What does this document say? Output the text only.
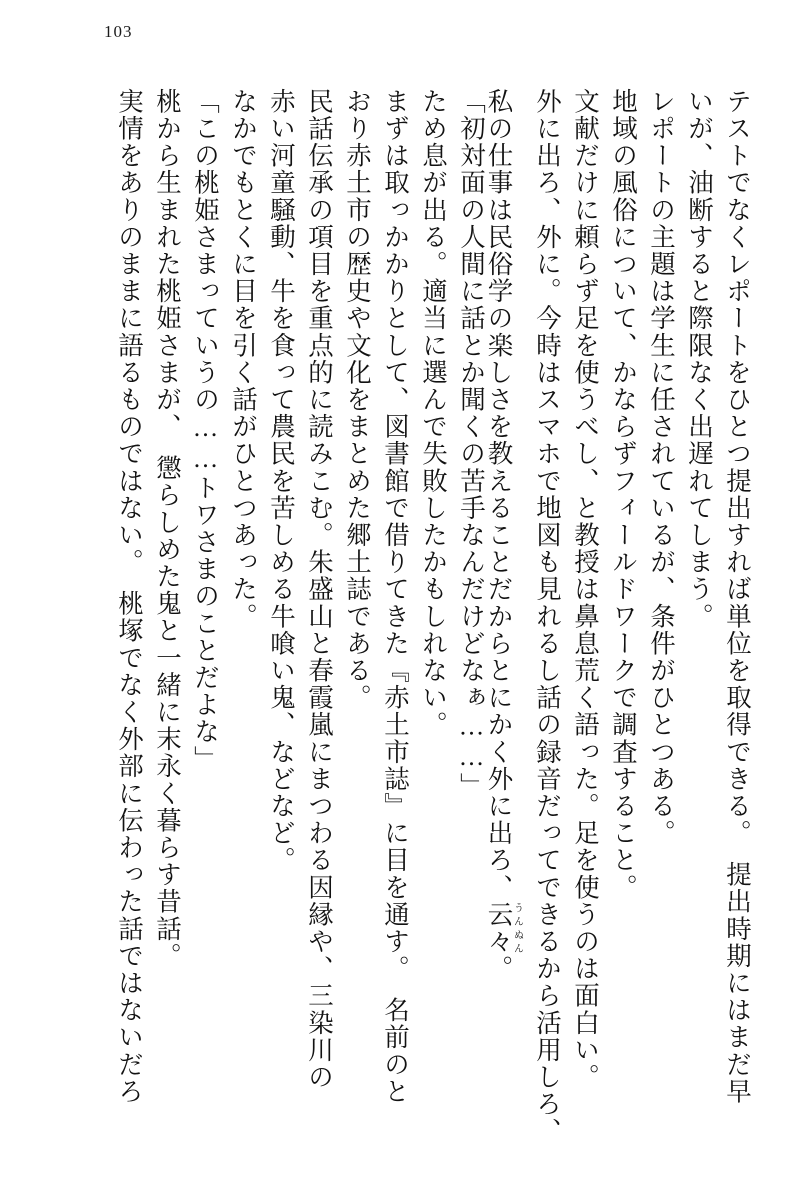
103
テストでなくレポートをひとつ提出すれば単位を取得できる。　提出時期にはまだ早
いが、油断すると際限なく出遅れてしまう。
レポートの主題は学生に任されているが、条件がひとつある。
地域の風俗について、かならずフィールドワークで調査すること。
文献だけに頼らず足を使うべし、と教授は鼻息荒く語った。足を使うのは面白い。
外に出ろ、外に。今時はスマホで地図も見れるし話の録音だってできるから活用しろ、
私の仕事は民俗学の楽しさを教えることだからとにかく外に出ろ、云々うんぬん。
「初対面の人間に話とか聞くの苦手なんだけどなぁ……」
ため息が出る。適当に選んで失敗したかもしれない。
まずは取っかかりとして、図書館で借りてきた『赤土市誌』に目を通す。　名前のと
おり赤土市の歴史や文化をまとめた郷土誌である。
民話伝承の項目を重点的に読みこむ。朱盛山と春霞嵐にまつわる因縁や、三染川の
赤い河童騒動、牛を食って農民を苦しめる牛喰い鬼、などなど。
なかでもとくに目を引く話がひとつあった。
「この桃姫さまっていうの……トワさまのことだよな」
桃から生まれた桃姫さまが、　懲らしめた鬼と一緒に末永く暮らす昔話。
実情をありのままに語るものではない。　桃塚でなく外部に伝わった話ではないだろ
